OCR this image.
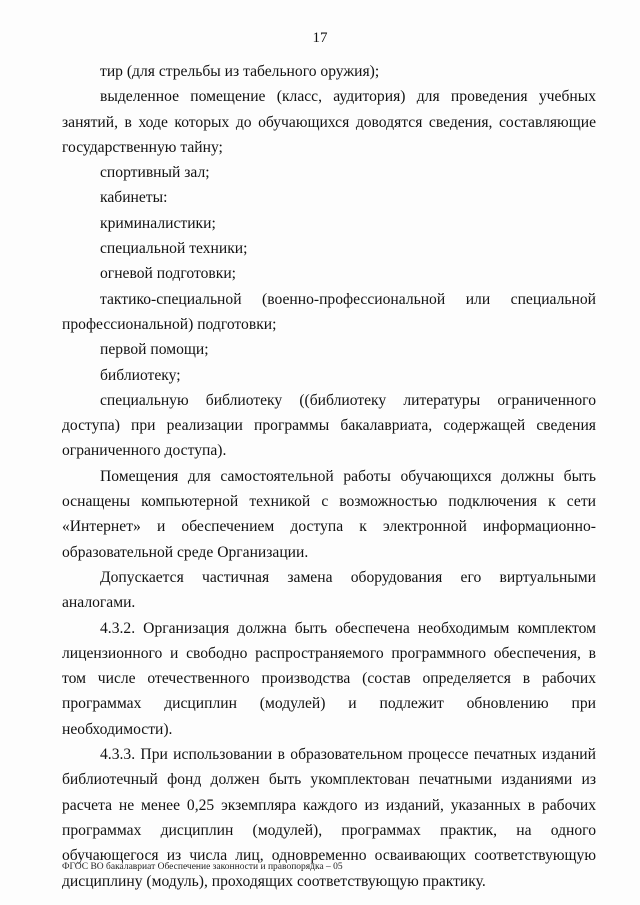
17

тир (для стрельбы из табельного оружия);

выделенное помещение (класс, аудитория) для проведения учебных занятий, в ходе которых до обучающихся доводятся сведения, составляющие государственную тайну;

спортивный зал;

кабинеты:

криминалистики;

специальной техники;

огневой подготовки;

тактико-специальной (военно-профессиональной или специальной профессиональной) подготовки;

первой помощи;

библиотеку;

специальную библиотеку ((библиотеку литературы ограниченного доступа) при реализации программы бакалавриата, содержащей сведения ограниченного доступа).

Помещения для самостоятельной работы обучающихся должны быть оснащены компьютерной техникой с возможностью подключения к сети «Интернет» и обеспечением доступа к электронной информационно-образовательной среде Организации.

Допускается частичная замена оборудования его виртуальными аналогами.

4.3.2. Организация должна быть обеспечена необходимым комплектом лицензионного и свободно распространяемого программного обеспечения, в том числе отечественного производства (состав определяется в рабочих программах дисциплин (модулей) и подлежит обновлению при необходимости).

4.3.3. При использовании в образовательном процессе печатных изданий библиотечный фонд должен быть укомплектован печатными изданиями из расчета не менее 0,25 экземпляра каждого из изданий, указанных в рабочих программах дисциплин (модулей), программах практик, на одного обучающегося из числа лиц, одновременно осваивающих соответствующую дисциплину (модуль), проходящих соответствующую практику.

ФГОС ВО бакалавриат Обеспечение законности и правопорядка – 05
